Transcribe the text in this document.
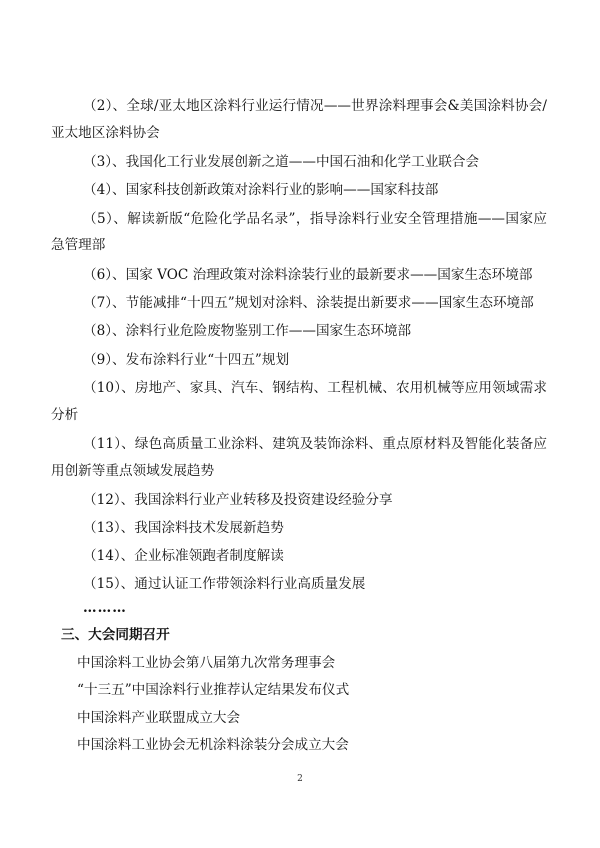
（2）、全球/亚太地区涂料行业运行情况——世界涂料理事会&美国涂料协会/
亚太地区涂料协会
（3）、我国化工行业发展创新之道——中国石油和化学工业联合会
（4）、国家科技创新政策对涂料行业的影响——国家科技部
（5）、解读新版“危险化学品名录”，指导涂料行业安全管理措施——国家应
急管理部
（6）、国家 VOC 治理政策对涂料涂装行业的最新要求——国家生态环境部
（7）、节能减排“十四五”规划对涂料、涂装提出新要求——国家生态环境部
（8）、涂料行业危险废物鉴别工作——国家生态环境部
（9）、发布涂料行业“十四五”规划
（10）、房地产、家具、汽车、钢结构、工程机械、农用机械等应用领域需求
分析
（11）、绿色高质量工业涂料、建筑及装饰涂料、重点原材料及智能化装备应
用创新等重点领域发展趋势
（12）、我国涂料行业产业转移及投资建设经验分享
（13）、我国涂料技术发展新趋势
（14）、企业标准领跑者制度解读
（15）、通过认证工作带领涂料行业高质量发展
………
三、大会同期召开
中国涂料工业协会第八届第九次常务理事会
“十三五”中国涂料行业推荐认定结果发布仪式
中国涂料产业联盟成立大会
中国涂料工业协会无机涂料涂装分会成立大会
2
